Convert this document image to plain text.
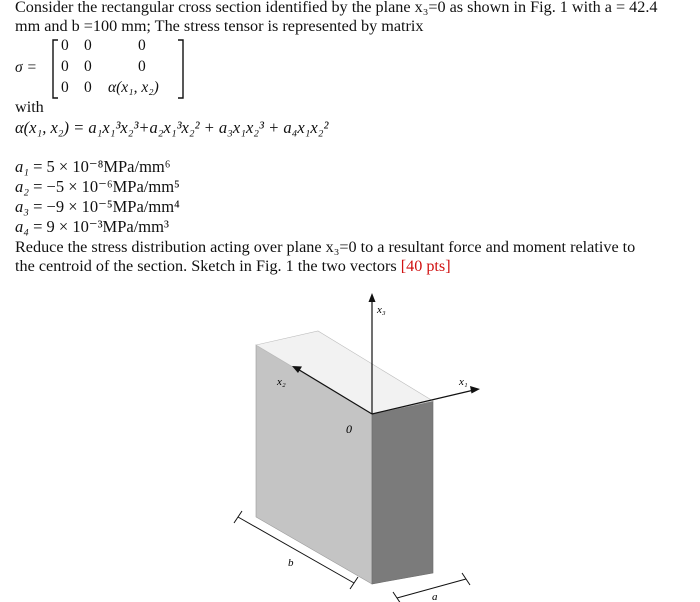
Consider the rectangular cross section identified by the plane x₃=0 as shown in Fig. 1 with a = 42.4
mm and b =100 mm; The stress tensor is represented by matrix
σ =
0 0	0
0 0	0
0 0 α(x₁, x₂)
with
α(x₁, x₂) = a₁x₁³x₂³+a₂x₁³x₂² + a₃x₁x₂³ + a₄x₁x₂²
a₁ = 5 × 10⁻⁸MPa/mm⁶
a₂ = −5 × 10⁻⁶MPa/mm⁵
a₃ = −9 × 10⁻⁵MPa/mm⁴
a₄ = 9 × 10⁻³MPa/mm³
Reduce the stress distribution acting over plane x₃=0 to a resultant force and moment relative to
the centroid of the section. Sketch in Fig. 1 the two vectors [40 pts]
x₃
x₂	x₁
0
b
a
